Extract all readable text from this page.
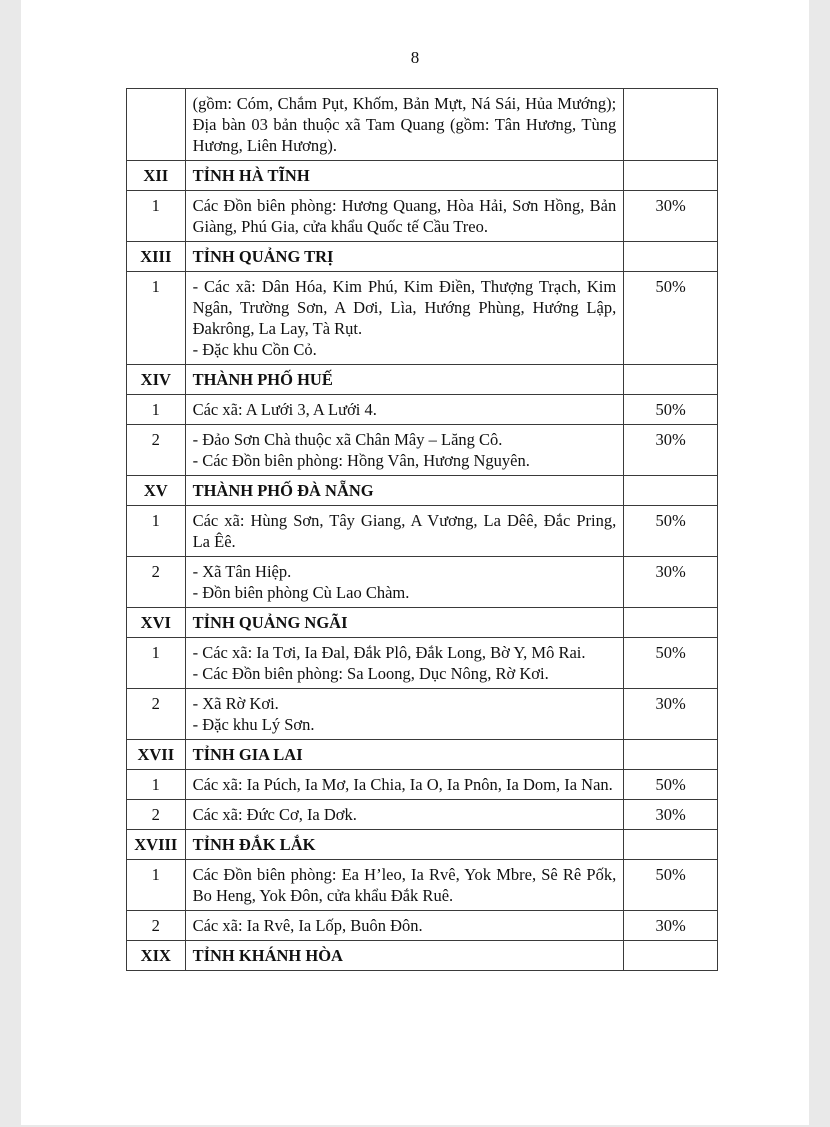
8

	(gồm: Cóm, Chắm Pụt, Khốm, Bản Mựt, Ná Sái, Hủa Mướng); Địa bàn 03 bản thuộc xã Tam Quang (gồm: Tân Hương, Tùng Hương, Liên Hương).	

XII	TỈNH HÀ TĨNH	
1	Các Đồn biên phòng: Hương Quang, Hòa Hải, Sơn Hồng, Bản Giàng, Phú Gia, cửa khẩu Quốc tế Cầu Treo.	30%
XIII	TỈNH QUẢNG TRỊ	
1	- Các xã: Dân Hóa, Kim Phú, Kim Điền, Thượng Trạch, Kim Ngân, Trường Sơn, A Dơi, Lìa, Hướng Phùng, Hướng Lập, Đakrông, La Lay, Tà Rụt.
- Đặc khu Cồn Cỏ.	50%
XIV	THÀNH PHỐ HUẾ	
1	Các xã: A Lưới 3, A Lưới 4.	50%
2	- Đảo Sơn Chà thuộc xã Chân Mây – Lăng Cô.
- Các Đồn biên phòng: Hồng Vân, Hương Nguyên.	30%
XV	THÀNH PHỐ ĐÀ NẴNG	
1	Các xã: Hùng Sơn, Tây Giang, A Vương, La Dêê, Đắc Pring, La Êê.	50%
2	- Xã Tân Hiệp.
- Đồn biên phòng Cù Lao Chàm.	30%
XVI	TỈNH QUẢNG NGÃI	
1	- Các xã: Ia Tơi, Ia Đal, Đắk Plô, Đắk Long, Bờ Y, Mô Rai.
- Các Đồn biên phòng: Sa Loong, Dục Nông, Rờ Kơi.	50%
2	- Xã Rờ Kơi.
- Đặc khu Lý Sơn.	30%
XVII	TỈNH GIA LAI	
1	Các xã: Ia Púch, Ia Mơ, Ia Chia, Ia O, Ia Pnôn, Ia Dom, Ia Nan.	50%
2	Các xã: Đức Cơ, Ia Dơk.	30%
XVIII	TỈNH ĐẮK LẮK	
1	Các Đồn biên phòng: Ea H’leo, Ia Rvê, Yok Mbre, Sê Rê Pốk, Bo Heng, Yok Đôn, cửa khẩu Đắk Ruê.	50%
2	Các xã: Ia Rvê, Ia Lốp, Buôn Đôn.	30%
XIX	TỈNH KHÁNH HÒA	
